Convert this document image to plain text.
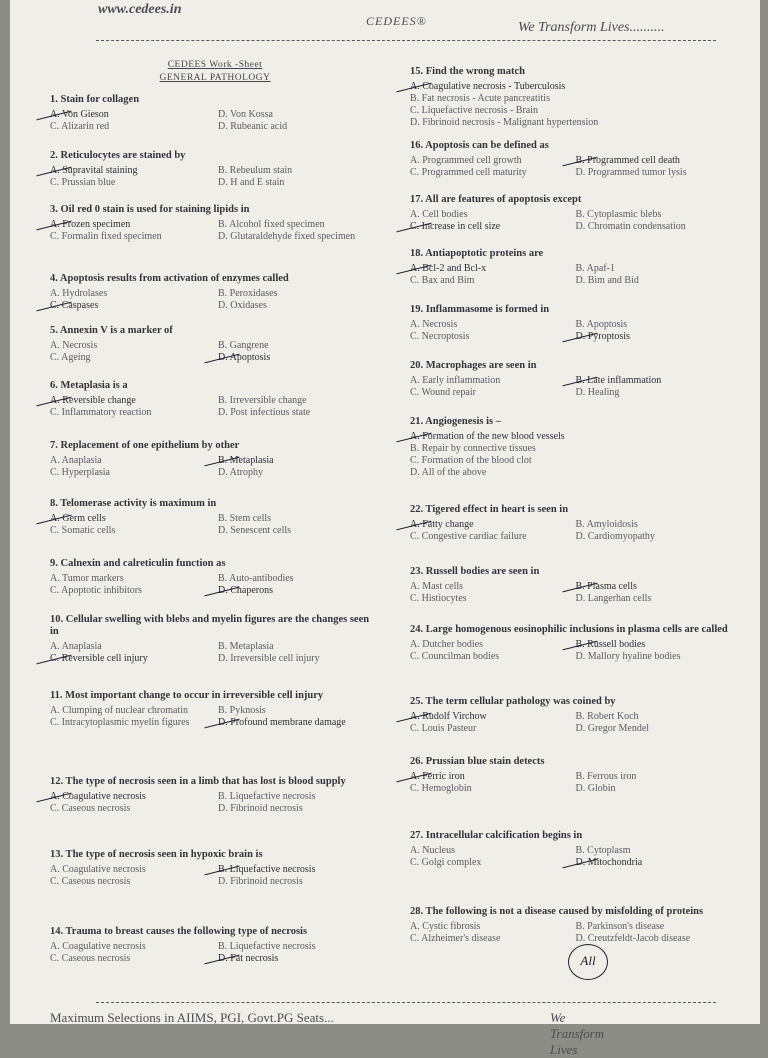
www.cedees.in
CEDEES®	We Transform Lives..........
CEDEES Work -Sheet
GENERAL PATHOLOGY
1. Stain for collagen
A. Von Gieson	D. Von Kossa
C. Alizarin red	D. Rubeanic acid
2. Reticulocytes are stained by
A. Supravital staining	B. Rebeulum stain
C. Prussian blue	D. H and E stain
3. Oil red 0 stain is used for staining lipids in
A. Frozen specimen	B. Alcohol fixed specimen
C. Formalin fixed specimen	D. Glutaraldehyde fixed specimen
4. Apoptosis results from activation of enzymes called
A. Hydrolases	B. Peroxidases
C. Caspases	D. Oxidases
5. Annexin V is a marker of
A. Necrosis	B. Gangrene
C. Ageing	D. Apoptosis
6. Metaplasia is a
A. Reversible change	B. Irreversible change
C. Inflammatory reaction	D. Post infectious state
7. Replacement of one epithelium by other
A. Anaplasia	B. Metaplasia
C. Hyperplasia	D. Atrophy
8. Telomerase activity is maximum in
A. Germ cells	B. Stem cells
C. Somatic cells	D. Senescent cells
9. Calnexin and calreticulin function as
A. Tumor markers	B. Auto-antibodies
C. Apoptotic inhibitors	D. Chaperons
10. Cellular swelling with blebs and myelin figures are the changes seen in
A. Anaplasia	B. Metaplasia
C. Reversible cell injury	D. Irreversible cell injury
11. Most important change to occur in irreversible cell injury
A. Clumping of nuclear chromatin	B. Pyknosis
C. Intracytoplasmic myelin figures	D. Profound membrane damage
12. The type of necrosis seen in a limb that has lost is blood supply
A. Coagulative necrosis	B. Liquefactive necrosis
C. Caseous necrosis	D. Fibrinoid necrosis
13. The type of necrosis seen in hypoxic brain is
A. Coagulative necrosis	B. Liquefactive necrosis
C. Caseous necrosis	D. Fibrinoid necrosis
14. Trauma to breast causes the following type of necrosis
A. Coagulative necrosis	B. Liquefactive necrosis
C. Caseous necrosis	D. Fat necrosis
15. Find the wrong match
A. Coagulative necrosis - Tuberculosis
B. Fat necrosis - Acute pancreatitis
C. Liquefactive necrosis - Brain
D. Fibrinoid necrosis - Malignant hypertension
16. Apoptosis can be defined as
A. Programmed cell growth	B. Programmed cell death
C. Programmed cell maturity	D. Programmed tumor lysis
17. All are features of apoptosis except
A. Cell bodies	B. Cytoplasmic blebs
C. Increase in cell size	D. Chromatin condensation
18. Antiapoptotic proteins are
A. Bcl-2 and Bcl-x	B. Apaf-1
C. Bax and Bim	D. Bim and Bid
19. Inflammasome is formed in
A. Necrosis	B. Apoptosis
C. Necroptosis	D. Pyroptosis
20. Macrophages are seen in
A. Early inflammation	B. Late inflammation
C. Wound repair	D. Healing
21. Angiogenesis is –
A. Formation of the new blood vessels
B. Repair by connective tissues
C. Formation of the blood clot
D. All of the above
22. Tigered effect in heart is seen in
A. Fatty change	B. Amyloidosis
C. Congestive cardiac failure	D. Cardiomyopathy
23. Russell bodies are seen in
A. Mast cells	B. Plasma cells
C. Histiocytes	D. Langerhan cells
24. Large homogenous eosinophilic inclusions in plasma cells are called
A. Dutcher bodies	B. Russell bodies
C. Councilman bodies	D. Mallory hyaline bodies
25. The term cellular pathology was coined by
A. Rudolf Virchow	B. Robert Koch
C. Louis Pasteur	D. Gregor Mendel
26. Prussian blue stain detects
A. Ferric iron	B. Ferrous iron
C. Hemoglobin	D. Globin
27. Intracellular calcification begins in
A. Nucleus	B. Cytoplasm
C. Golgi complex	D. Mitochondria
28. The following is not a disease caused by misfolding of proteins
A. Cystic fibrosis	B. Parkinson's disease
C. Alzheimer's disease	D. Creutzfeldt-Jacob disease
All
Maximum Selections in AIIMS, PGI, Govt.PG Seats...	We Transform Lives
